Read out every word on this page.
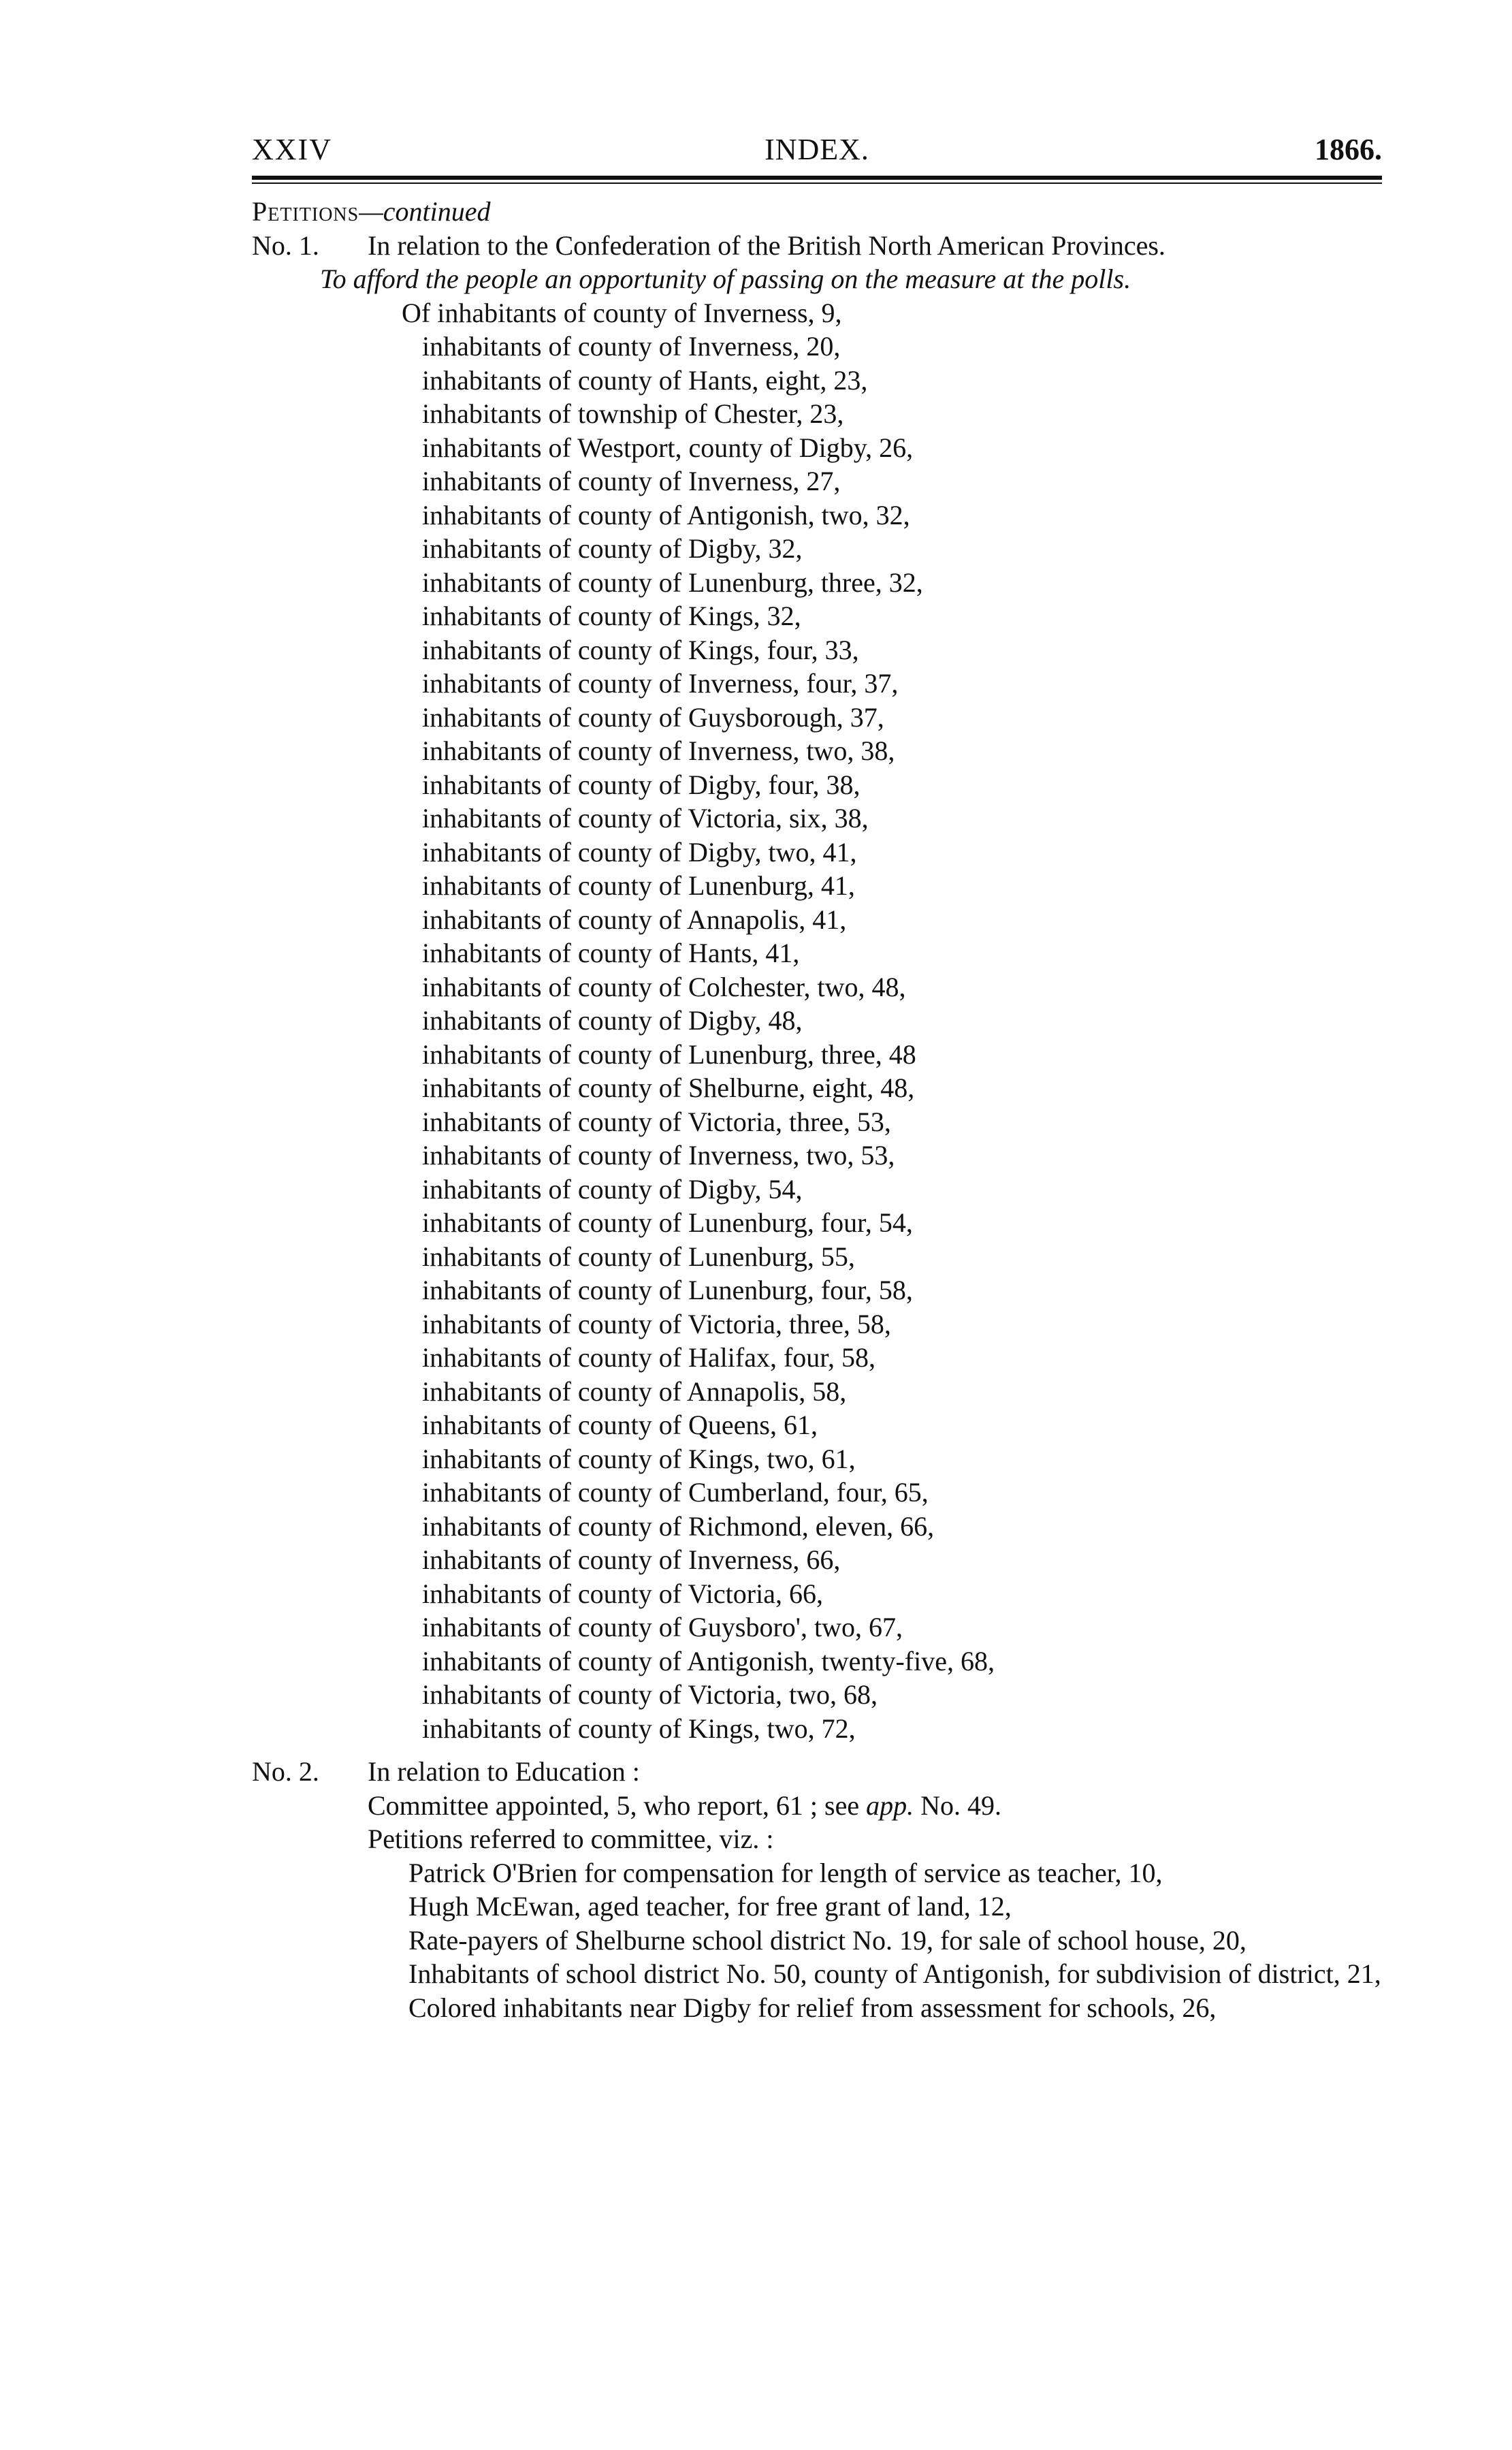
XXIV	INDEX.	1866.
Petitions—continued
No. 1.	In relation to the Confederation of the British North American Provinces.
To afford the people an opportunity of passing on the measure at the polls.
Of inhabitants of county of Inverness, 9,
inhabitants of county of Inverness, 20,
inhabitants of county of Hants, eight, 23,
inhabitants of township of Chester, 23,
inhabitants of Westport, county of Digby, 26,
inhabitants of county of Inverness, 27,
inhabitants of county of Antigonish, two, 32,
inhabitants of county of Digby, 32,
inhabitants of county of Lunenburg, three, 32,
inhabitants of county of Kings, 32,
inhabitants of county of Kings, four, 33,
inhabitants of county of Inverness, four, 37,
inhabitants of county of Guysborough, 37,
inhabitants of county of Inverness, two, 38,
inhabitants of county of Digby, four, 38,
inhabitants of county of Victoria, six, 38,
inhabitants of county of Digby, two, 41,
inhabitants of county of Lunenburg, 41,
inhabitants of county of Annapolis, 41,
inhabitants of county of Hants, 41,
inhabitants of county of Colchester, two, 48,
inhabitants of county of Digby, 48,
inhabitants of county of Lunenburg, three, 48
inhabitants of county of Shelburne, eight, 48,
inhabitants of county of Victoria, three, 53,
inhabitants of county of Inverness, two, 53,
inhabitants of county of Digby, 54,
inhabitants of county of Lunenburg, four, 54,
inhabitants of county of Lunenburg, 55,
inhabitants of county of Lunenburg, four, 58,
inhabitants of county of Victoria, three, 58,
inhabitants of county of Halifax, four, 58,
inhabitants of county of Annapolis, 58,
inhabitants of county of Queens, 61,
inhabitants of county of Kings, two, 61,
inhabitants of county of Cumberland, four, 65,
inhabitants of county of Richmond, eleven, 66,
inhabitants of county of Inverness, 66,
inhabitants of county of Victoria, 66,
inhabitants of county of Guysboro', two, 67,
inhabitants of county of Antigonish, twenty-five, 68,
inhabitants of county of Victoria, two, 68,
inhabitants of county of Kings, two, 72,
No. 2.	In relation to Education :
Committee appointed, 5, who report, 61 ; see app. No. 49.
Petitions referred to committee, viz. :
Patrick O'Brien for compensation for length of service as teacher, 10,
Hugh McEwan, aged teacher, for free grant of land, 12,
Rate-payers of Shelburne school district No. 19, for sale of school house, 20,
Inhabitants of school district No. 50, county of Antigonish, for subdivision of district, 21,
Colored inhabitants near Digby for relief from assessment for schools, 26,
